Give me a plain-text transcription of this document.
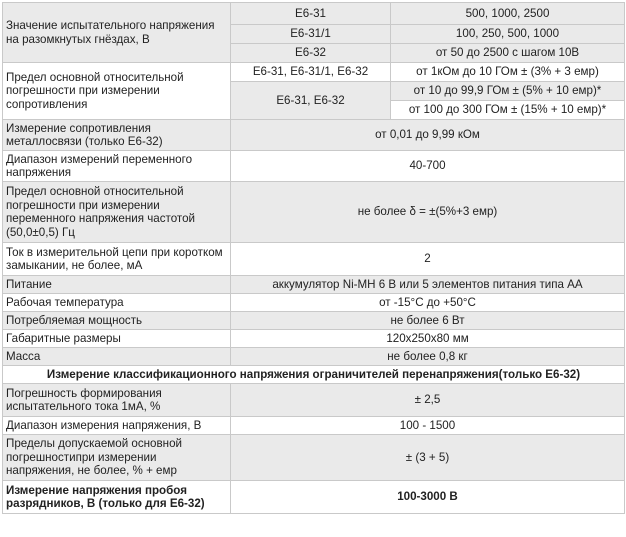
Значение испытательного напряжения на разомкнутых гнёздах, В	Е6-31	500, 1000, 2500
	Е6-31/1	100, 250, 500, 1000
	Е6-32	от 50 до 2500 с шагом 10В
Предел основной относительной погрешности при измерении сопротивления	Е6-31, Е6-31/1, Е6-32	от 1кОм до 10 ГОм ± (3% + 3 емр)
	Е6-31, Е6-32	от 10 до 99,9 ГОм ± (5% + 10 емр)*
		от 100 до 300 ГОм ± (15% + 10 емр)*
Измерение сопротивления металлосвязи (только Е6-32)	от 0,01 до 9,99 кОм	
Диапазон измерений переменного напряжения	40-700	
Предел основной относительной погрешности при измерении переменного напряжения частотой (50,0±0,5) Гц	не более δ = ±(5%+3 емр)	
Ток в измерительной цепи при коротком замыкании, не более, мА	2	
Питание	аккумулятор Ni-MH 6 В или 5 элементов питания типа АА	
Рабочая температура	от -15°С до +50°С	
Потребляемая мощность	не более 6 Вт	
Габаритные размеры	120х250х80 мм	
Масса	не более 0,8 кг	
Измерение классификационного напряжения ограничителей перенапряжения(только Е6-32)		
Погрешность формирования испытательного тока 1мА, %	± 2,5	
Диапазон измерения напряжения, В	100 - 1500	
Пределы допускаемой основной погрешностипри измерении напряжения, не более, % + емр	± (3 + 5)	
Измерение напряжения пробоя разрядников, В (только для Е6-32)	100-3000 В	
